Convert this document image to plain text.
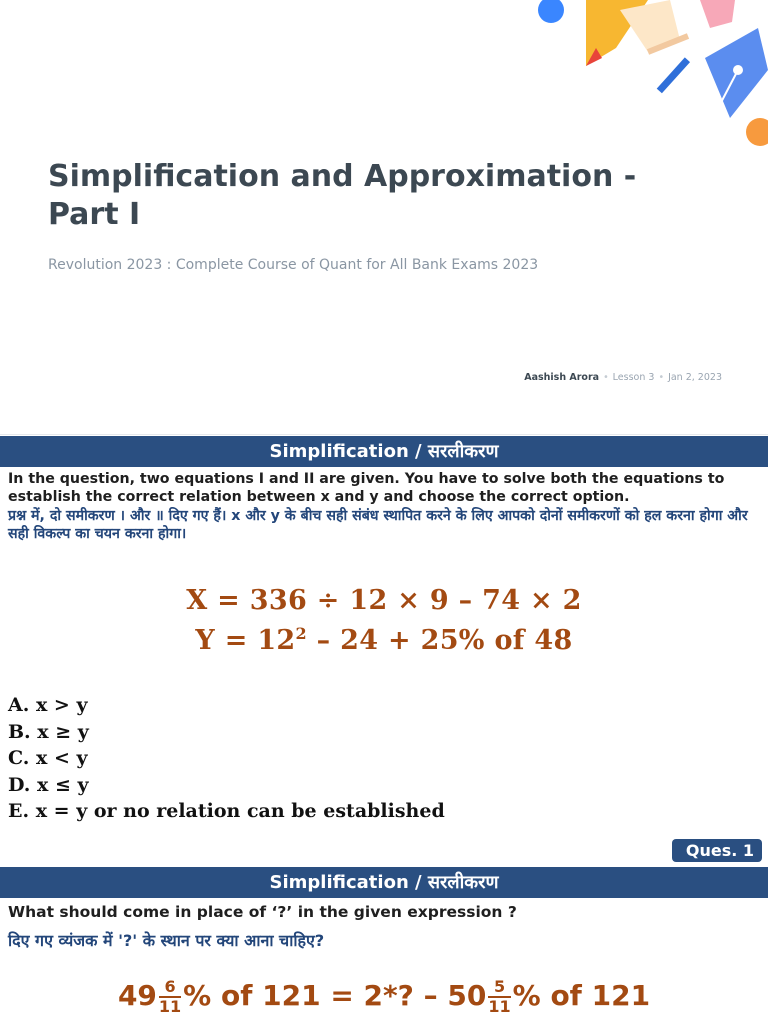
Simplification and Approximation -
Part I
Revolution 2023 : Complete Course of Quant for All Bank Exams 2023
Aashish Arora • Lesson 3 • Jan 2, 2023
Simplification / सरलीकरण

In the question, two equations I and II are given. You have to solve both the equations to establish the correct relation between x and y and choose the correct option.

प्रश्न में, दो समीकरण । और ॥ दिए गए हैं। x और y के बीच सही संबंध स्थापित करने के लिए आपको दोनों समीकरणों को हल करना होगा और सही विकल्प का चयन करना होगा।

X = 336 ÷ 12 × 9 – 74 × 2
$Y = 12^2 - 24 + 25\%$ of 48
A. x > y
B. x ≥ y
C. x < y
D. x ≤ y
E. x = y or no relation can be established
Ques. 1
Simplification / सरलीकरण

What should come in place of ‘?’ in the given expression ?

दिए गए व्यंजक में '?' के स्थान पर क्या आना चाहिए?

$49 \frac{6}{11}$ % of 121 = 2*? – $50 \frac{5}{11}$ % of 121
